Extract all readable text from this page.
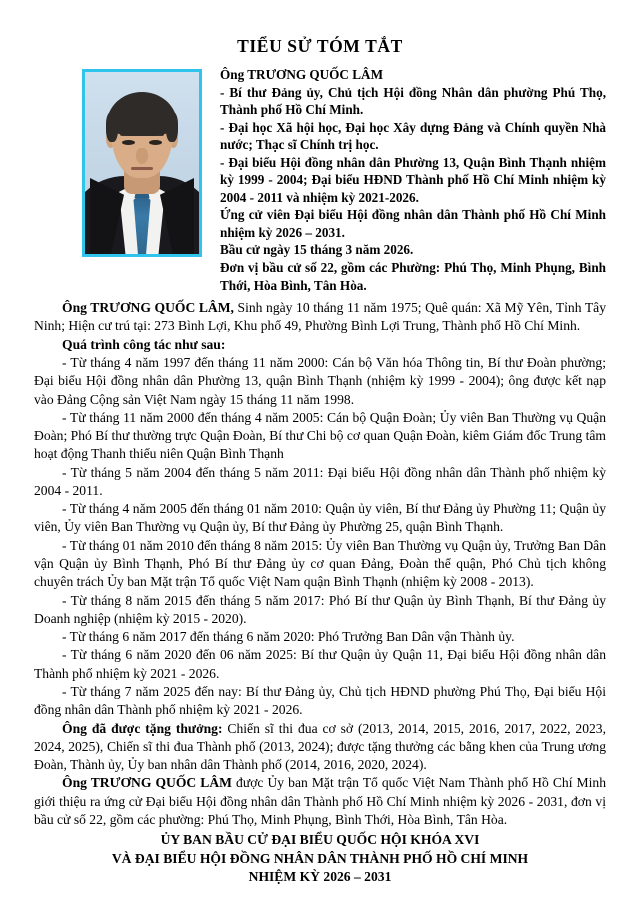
TIỂU SỬ TÓM TẮT

Ông TRƯƠNG QUỐC LÂM

- Bí thư Đảng ủy, Chủ tịch Hội đồng Nhân dân phường Phú Thọ, Thành phố Hồ Chí Minh.

- Đại học Xã hội học, Đại học Xây dựng Đảng và Chính quyền Nhà nước; Thạc sĩ Chính trị học.

- Đại biểu Hội đồng nhân dân Phường 13, Quận Bình Thạnh nhiệm kỳ 1999 - 2004; Đại biểu HĐND Thành phố Hồ Chí Minh nhiệm kỳ 2004 - 2011 và nhiệm kỳ 2021-2026.

Ứng cử viên Đại biểu Hội đồng nhân dân Thành phố Hồ Chí Minh nhiệm kỳ 2026 – 2031.

Bầu cử ngày 15 tháng 3 năm 2026.

Đơn vị bầu cử số 22, gồm các Phường: Phú Thọ, Minh Phụng, Bình Thới, Hòa Bình, Tân Hòa.

Ông TRƯƠNG QUỐC LÂM, Sinh ngày 10 tháng 11 năm 1975; Quê quán: Xã Mỹ Yên, Tỉnh Tây Ninh; Hiện cư trú tại: 273 Bình Lợi, Khu phố 49, Phường Bình Lợi Trung, Thành phố Hồ Chí Minh.

Quá trình công tác như sau:

- Từ tháng 4 năm 1997 đến tháng 11 năm 2000: Cán bộ Văn hóa Thông tin, Bí thư Đoàn phường; Đại biểu Hội đồng nhân dân Phường 13, quận Bình Thạnh (nhiệm kỳ 1999 - 2004); ông được kết nạp vào Đảng Cộng sản Việt Nam ngày 15 tháng 11 năm 1998.

- Từ tháng 11 năm 2000 đến tháng 4 năm 2005: Cán bộ Quận Đoàn; Ủy viên Ban Thường vụ Quận Đoàn; Phó Bí thư thường trực Quận Đoàn, Bí thư Chi bộ cơ quan Quận Đoàn, kiêm Giám đốc Trung tâm hoạt động Thanh thiếu niên Quận Bình Thạnh

- Từ tháng 5 năm 2004 đến tháng 5 năm 2011: Đại biểu Hội đồng nhân dân Thành phố nhiệm kỳ 2004 - 2011.

- Từ tháng 4 năm 2005 đến tháng 01 năm 2010: Quận ủy viên, Bí thư Đảng ủy Phường 11; Quận ủy viên, Ủy viên Ban Thường vụ Quận ủy, Bí thư Đảng ủy Phường 25, quận Bình Thạnh.

- Từ tháng 01 năm 2010 đến tháng 8 năm 2015: Ủy viên Ban Thường vụ Quận ủy, Trưởng Ban Dân vận Quận ủy Bình Thạnh, Phó Bí thư Đảng ủy cơ quan Đảng, Đoàn thể quận, Phó Chủ tịch không chuyên trách Ủy ban Mặt trận Tổ quốc Việt Nam quận Bình Thạnh (nhiệm kỳ 2008 - 2013).

- Từ tháng 8 năm 2015 đến tháng 5 năm 2017: Phó Bí thư Quận ủy Bình Thạnh, Bí thư Đảng ủy Doanh nghiệp (nhiệm kỳ 2015 - 2020).

- Từ tháng 6 năm 2017 đến tháng 6 năm 2020: Phó Trưởng Ban Dân vận Thành ủy.

- Từ tháng 6 năm 2020 đến 06 năm 2025: Bí thư Quận ủy Quận 11, Đại biểu Hội đồng nhân dân Thành phố nhiệm kỳ 2021 - 2026.

- Từ tháng 7 năm 2025 đến nay: Bí thư Đảng ủy, Chủ tịch HĐND phường Phú Thọ, Đại biểu Hội đồng nhân dân Thành phố nhiệm kỳ 2021 - 2026.

Ông đã được tặng thưởng: Chiến sĩ thi đua cơ sở (2013, 2014, 2015, 2016, 2017, 2022, 2023, 2024, 2025), Chiến sĩ thi đua Thành phố (2013, 2024); được tặng thưởng các bằng khen của Trung ương Đoàn, Thành ủy, Ủy ban nhân dân Thành phố (2014, 2016, 2020, 2024).

Ông TRƯƠNG QUỐC LÂM được Ủy ban Mặt trận Tổ quốc Việt Nam Thành phố Hồ Chí Minh giới thiệu ra ứng cử Đại biểu Hội đồng nhân dân Thành phố Hồ Chí Minh nhiệm kỳ 2026 - 2031, đơn vị bầu cử số 22, gồm các phường: Phú Thọ, Minh Phụng, Bình Thới, Hòa Bình, Tân Hòa.

ỦY BAN BẦU CỬ ĐẠI BIỂU QUỐC HỘI KHÓA XVI
VÀ ĐẠI BIỂU HỘI ĐỒNG NHÂN DÂN THÀNH PHỐ HỒ CHÍ MINH
NHIỆM KỲ 2026 – 2031
